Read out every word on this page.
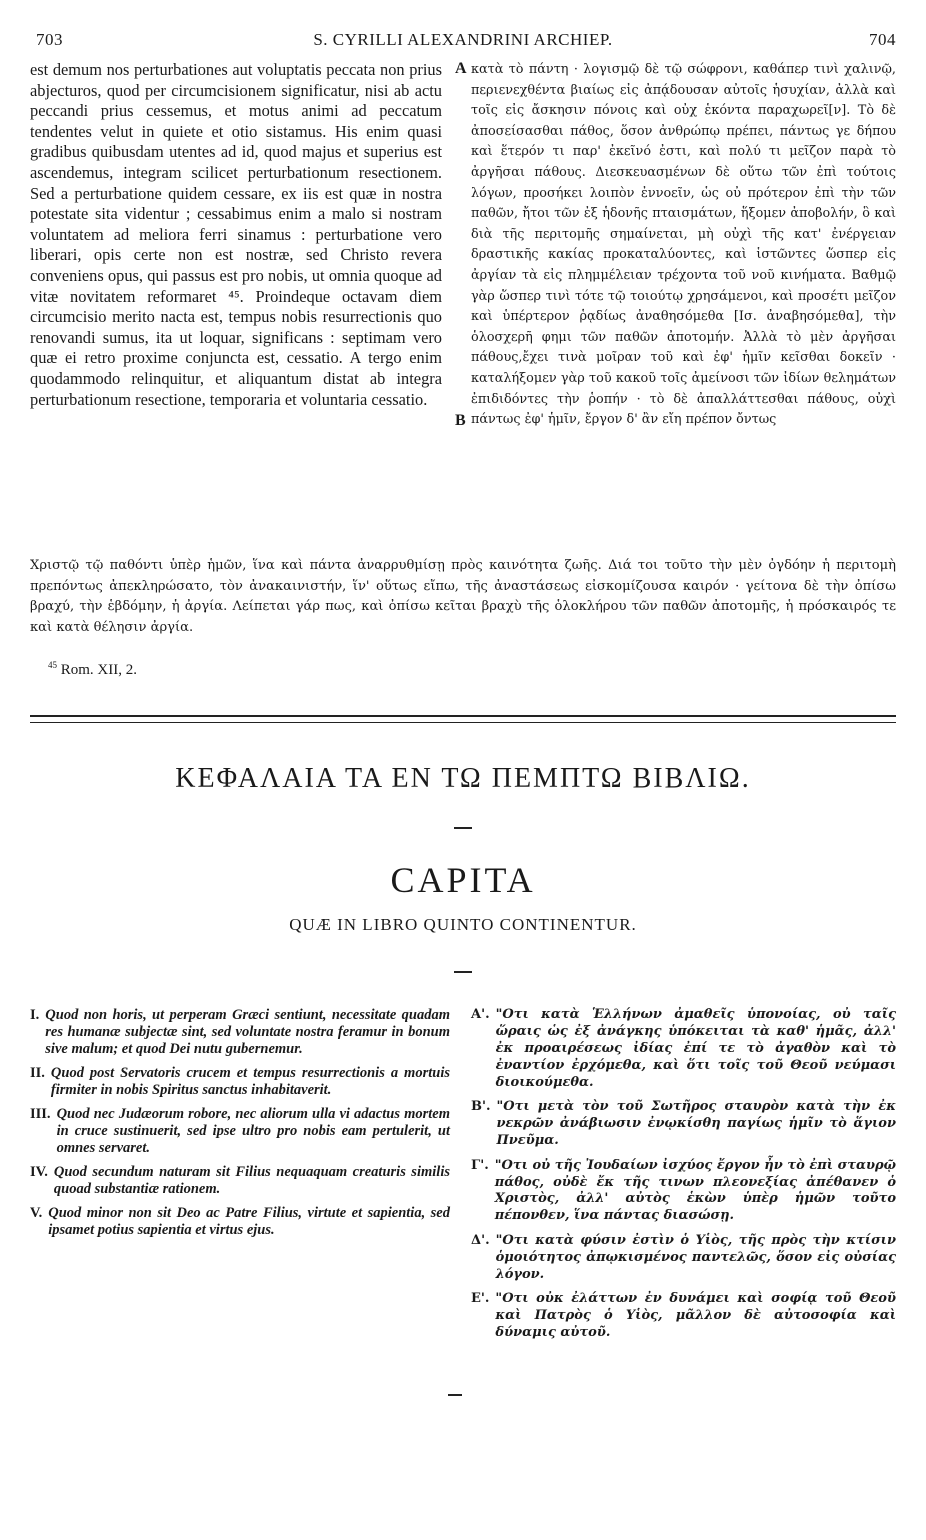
703	S. CYRILLI ALEXANDRINI ARCHIEP.	704
est demum nos perturbationes aut voluptatis peccata non prius abjecturos, quod per circumcisionem significatur, nisi ab actu peccandi prius cessemus, et motus animi ad peccatum tendentes velut in quiete et otio sistamus. His enim quasi gradibus quibusdam utentes ad id, quod majus et superius est ascendemus, integram scilicet perturbationum resectionem. Sed a perturbatione quidem cessare, ex iis est quæ in nostra potestate sita videntur ; cessabimus enim a malo si nostram voluntatem ad meliora ferri sinamus : perturbatione vero liberari, opis certe non est nostræ, sed Christo revera conveniens opus, qui passus est pro nobis, ut omnia quoque ad vitæ novitatem reformaret ⁴⁵. Proindeque octavam diem circumcisio merito nacta est, tempus nobis resurrectionis quo renovandi sumus, ita ut loquar, significans : septimam vero quæ ei retro proxime conjuncta est, cessatio. A tergo enim quodammodo relinquitur, et aliquantum distat ab integra perturbationum resectione, temporaria et voluntaria cessatio.
A
B
κατὰ τὸ πάντη · λογισμῷ δὲ τῷ σώφρονι, καθάπερ τινὶ χαλινῷ, περιενεχθέντα βιαίως εἰς ἀπᾴδουσαν αὐτοῖς ἡσυχίαν, ἀλλὰ καὶ τοῖς εἰς ἄσκησιν πόνοις καὶ οὐχ ἑκόντα παραχωρεῖ[ν]. Τὸ δὲ ἀποσείσασθαι πάθος, ὅσον ἀνθρώπῳ πρέπει, πάντως γε δήπου καὶ ἕτερόν τι παρ' ἐκεῖνό ἐστι, καὶ πολύ τι μεῖζον παρὰ τὸ ἀργῆσαι πάθους. Διεσκευασμένων δὲ οὕτω τῶν ἐπὶ τούτοις λόγων, προσήκει λοιπὸν ἐννοεῖν, ὡς οὐ πρότερον ἐπὶ τὴν τῶν παθῶν, ἤτοι τῶν ἐξ ἡδονῆς πταισμάτων, ἥξομεν ἀποβολήν, ὃ καὶ διὰ τῆς περιτομῆς σημαίνεται, μὴ οὐχὶ τῆς κατ' ἐνέργειαν δραστικῆς κακίας προκαταλύοντες, καὶ ἱστῶντες ὥσπερ εἰς ἀργίαν τὰ εἰς πλημμέλειαν τρέχοντα τοῦ νοῦ κινήματα. Βαθμῷ γὰρ ὥσπερ τινὶ τότε τῷ τοιούτῳ χρησάμενοι, καὶ προσέτι μεῖζον καὶ ὑπέρτερον ῥᾳδίως ἀναθησόμεθα [Ισ. ἀναβησόμεθα], τὴν ὁλοσχερῆ φημι τῶν παθῶν ἀποτομήν. Ἀλλὰ τὸ μὲν ἀργῆσαι πάθους,ἔχει τινὰ μοῖραν τοῦ καὶ ἐφ' ἡμῖν κεῖσθαι δοκεῖν · καταλήξομεν γὰρ τοῦ κακοῦ τοῖς ἀμείνοσι τῶν ἰδίων θελημάτων ἐπιδιδόντες τὴν ῥοπήν · τὸ δὲ ἀπαλλάττεσθαι πάθους, οὐχὶ πάντως ἐφ' ἡμῖν, ἔργον δ' ἂν εἴη πρέπον ὄντως
Χριστῷ τῷ παθόντι ὑπὲρ ἡμῶν, ἵνα καὶ πάντα ἀναρρυθμίσῃ πρὸς καινότητα ζωῆς. Διά τοι τοῦτο τὴν μὲν ὀγδόην ἡ περιτομὴ πρεπόντως ἀπεκληρώσατο, τὸν ἀνακαινιστήν, ἵν' οὕτως εἴπω, τῆς ἀναστάσεως εἰσκομίζουσα καιρόν · γείτονα δὲ τὴν ὀπίσω βραχύ, τὴν ἑβδόμην, ἡ ἀργία. Λείπεται γάρ πως, καὶ ὀπίσω κεῖται βραχὺ τῆς ὁλοκλήρου τῶν παθῶν ἀποτομῆς, ἡ πρόσκαιρός τε καὶ κατὰ θέλησιν ἀργία.
$^{45}$ Rom. XII, 2.
ΚΕΦΑΛΑΙΑ ΤΑ ΕΝ ΤΩ ΠΕΜΠΤΩ ΒΙΒΛΙΩ.
CAPITA
QUÆ IN LIBRO QUINTO CONTINENTUR.
I. Quod non horis, ut perperam Græci sentiunt, necessitate quadam res humanæ subjectæ sint, sed voluntate nostra feramur in bonum sive malum; et quod Dei nutu gubernemur.
II. Quod post Servatoris crucem et tempus resurrectionis a mortuis firmiter in nobis Spiritus sanctus inhabitaverit.
III. Quod nec Judæorum robore, nec aliorum ulla vi adactus mortem in cruce sustinuerit, sed ipse ultro pro nobis eam pertulerit, ut omnes servaret.
IV. Quod secundum naturam sit Filius nequaquam creaturis similis quoad substantiæ rationem.
V. Quod minor non sit Deo ac Patre Filius, virtute et sapientia, sed ipsamet potius sapientia et virtus ejus.
Α'. "Οτι κατὰ Ἑλλήνων ἀμαθεῖς ὑπονοίας, οὐ ταῖς ὥραις ὡς ἐξ ἀνάγκης ὑπόκειται τὰ καθ' ἡμᾶς, ἀλλ' ἐκ προαιρέσεως ἰδίας ἐπί τε τὸ ἀγαθὸν καὶ τὸ ἐναντίον ἐρχόμεθα, καὶ ὅτι τοῖς τοῦ Θεοῦ νεύμασι διοικούμεθα.
Β'. "Οτι μετὰ τὸν τοῦ Σωτῆρος σταυρὸν κατὰ τὴν ἐκ νεκρῶν ἀνάβιωσιν ἐνῳκίσθη παγίως ἡμῖν τὸ ἅγιον Πνεῦμα.
Γ'. "Οτι οὐ τῆς Ἰουδαίων ἰσχύος ἔργον ἦν τὸ ἐπὶ σταυρῷ πάθος, οὐδὲ ἔκ τῆς τινων πλεονεξίας ἀπέθανεν ὁ Χριστὸς, ἀλλ' αὐτὸς ἑκὼν ὑπὲρ ἡμῶν τοῦτο πέπονθεν, ἵνα πάντας διασώσῃ.
Δ'. "Οτι κατὰ φύσιν ἐστὶν ὁ Υἱὸς, τῆς πρὸς τὴν κτίσιν ὁμοιότητος ἀπῳκισμένος παντελῶς, ὅσον εἰς οὐσίας λόγον.
Ε'. "Οτι οὐκ ἐλάττων ἐν δυνάμει καὶ σοφίᾳ τοῦ Θεοῦ καὶ Πατρὸς ὁ Υἱὸς, μᾶλλον δὲ αὐτοσοφία καὶ δύναμις αὐτοῦ.
